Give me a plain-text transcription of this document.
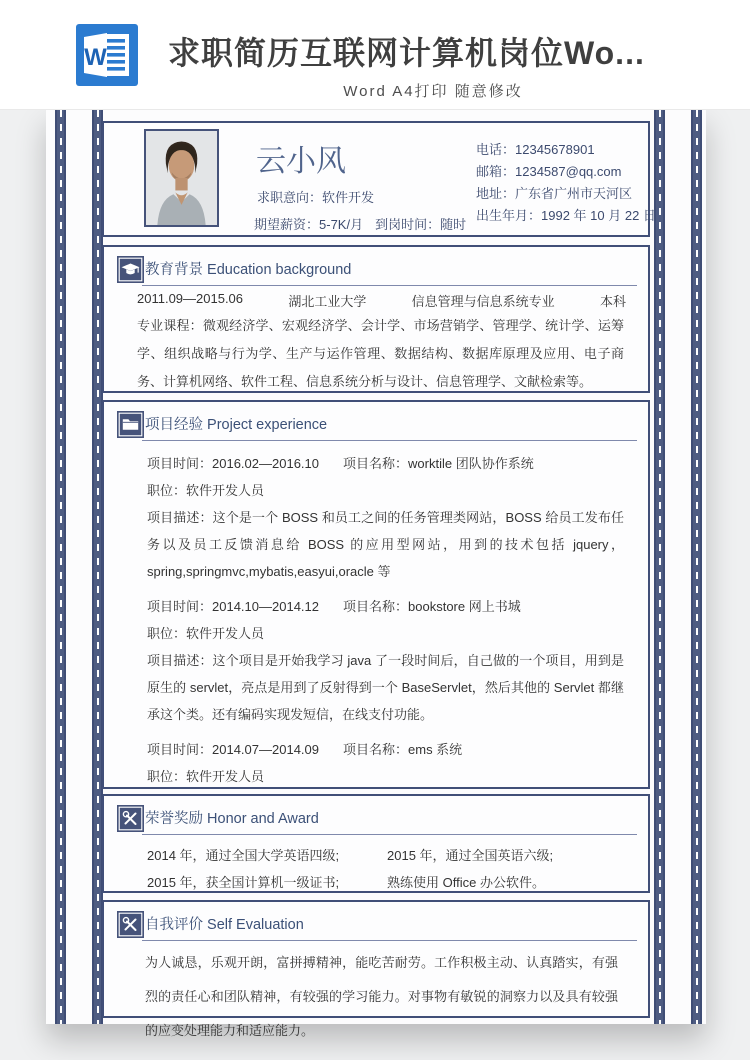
W 求职简历互联网计算机岗位Wo...
Word A4打印 随意修改
云小风
求职意向：软件开发
期望薪资：5-7K/月 到岗时间：随时
电话：12345678901
邮箱：1234587@qq.com
地址：广东省广州市天河区
出生年月：1992 年 10 月 22 日
教育背景 Education background
2011.09—2015.06	湖北工业大学	信息管理与信息系统专业	本科
专业课程：微观经济学、宏观经济学、会计学、市场营销学、管理学、统计学、运筹学、组织战略与行为学、生产与运作管理、数据结构、数据库原理及应用、电子商务、计算机网络、软件工程、信息系统分析与设计、信息管理学、文献检索等。
项目经验 Project experience
项目时间：2016.02—2016.10	项目名称：worktile 团队协作系统
职位：软件开发人员
项目描述：这个是一个 BOSS 和员工之间的任务管理类网站，BOSS 给员工发布任务以及员工反馈消息给 BOSS 的应用型网站，用到的技术包括 jquery，spring,springmvc,mybatis,easyui,oracle 等
项目时间：2014.10—2014.12	项目名称：bookstore 网上书城
职位：软件开发人员
项目描述：这个项目是开始我学习 java 了一段时间后，自己做的一个项目，用到是原生的 servlet，亮点是用到了反射得到一个 BaseServlet，然后其他的 Servlet 都继承这个类。还有编码实现发短信，在线支付功能。
项目时间：2014.07—2014.09	项目名称：ems 系统
职位：软件开发人员
荣誉奖励 Honor and Award
2014 年，通过全国大学英语四级;	2015 年，通过全国英语六级;
2015 年，获全国计算机一级证书;	熟练使用 Office 办公软件。
自我评价 Self Evaluation
为人诚恳，乐观开朗，富拼搏精神，能吃苦耐劳。工作积极主动、认真踏实，有强烈的责任心和团队精神，有较强的学习能力。对事物有敏锐的洞察力以及具有较强的应变处理能力和适应能力。
